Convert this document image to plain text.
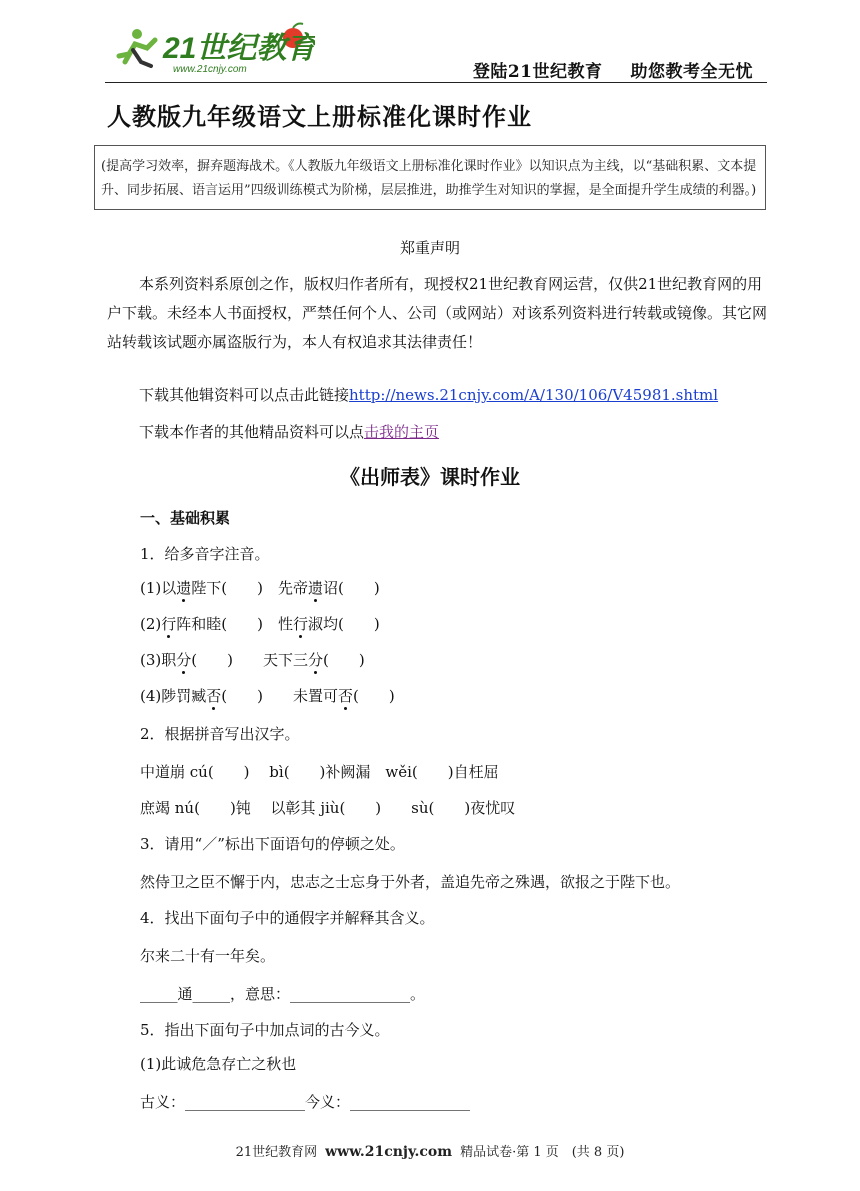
21世纪教育
www.21cnjy.com	登陆21世纪教育 助您教考全无忧
人教版九年级语文上册标准化课时作业
(提高学习效率，摒弃题海战术。《人教版九年级语文上册标准化课时作业》以知识点为主线，以“基础积累、文本提升、同步拓展、语言运用”四级训练模式为阶梯，层层推进，助推学生对知识的掌握，是全面提升学生成绩的利器。)
郑重声明
本系列资料系原创之作，版权归作者所有，现授权21世纪教育网运营，仅供21世纪教育网的用户下载。未经本人书面授权，严禁任何个人、公司（或网站）对该系列资料进行转载或镜像。其它网站转载该试题亦属盗版行为，本人有权追求其法律责任！
下载其他辑资料可以点击此链接http://news.21cnjy.com/A/130/106/V45981.shtml
下载本作者的其他精品资料可以点击我的主页
《出师表》课时作业
一、基础积累
1．给多音字注音。
(1)以遗陛下(　　)　先帝遗诏(　　)
(2)行阵和睦(　　)　性行淑均(　　)
(3)职分(　　)　　天下三分(　　)
(4)陟罚臧否(　　)　　未置可否(　　)
2．根据拼音写出汉字。
中道崩 cú(　　)　 bì(　　)补阙漏　wěi(　　)自枉屈
庶竭 nú(　　)钝　 以彰其 jiù(　　)　　sù(　　)夜忧叹
3．请用“／”标出下面语句的停顿之处。
然侍卫之臣不懈于内，忠志之士忘身于外者，盖追先帝之殊遇，欲报之于陛下也。
4．找出下面句子中的通假字并解释其含义。
尔来二十有一年矣。
_____通_____，意思：________________。
5．指出下面句子中加点词的古今义。
(1)此诚危急存亡之秋也
古义：________________今义：________________
21世纪教育网 www.21cnjy.com 精品试卷·第 1 页　(共 8 页)
